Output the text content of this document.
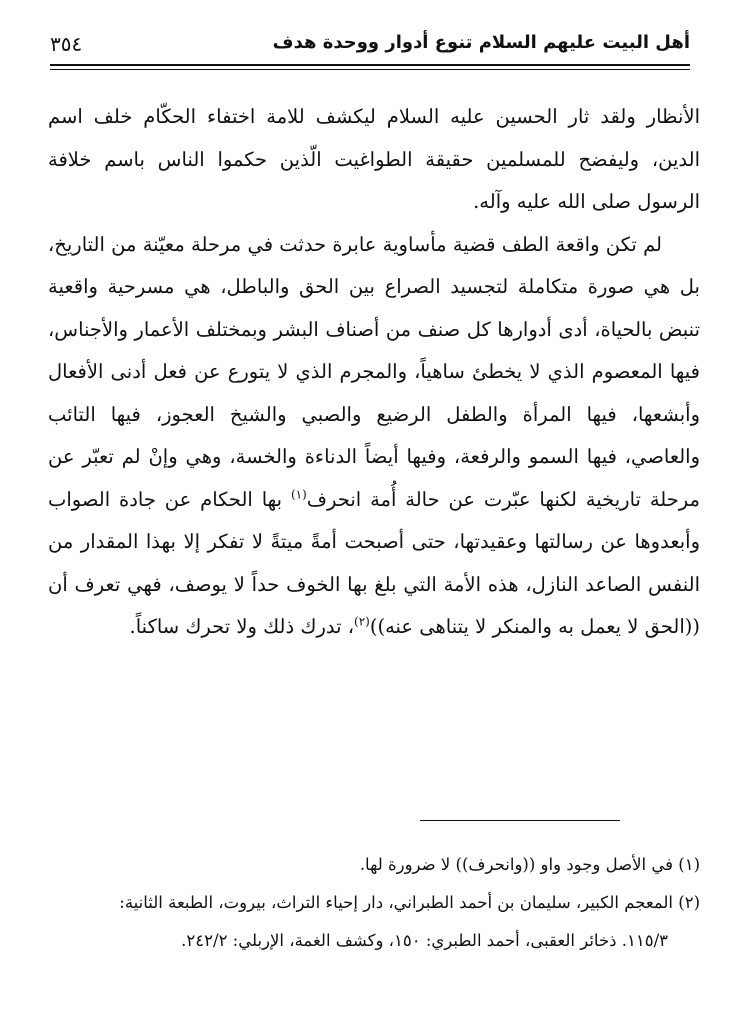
أهل البيت عليهم السلام تنوع أدوار ووحدة هدف
٣٥٤

الأنظار ولقد ثار الحسين عليه السلام ليكشف للامة اختفاء الحكّام خلف اسم الدين، وليفضح للمسلمين حقيقة الطواغيت الّذين حكموا الناس باسم خلافة الرسول صلى الله عليه وآله.

لم تكن واقعة الطف قضية مأساوية عابرة حدثت في مرحلة معيّنة من التاريخ، بل هي صورة متكاملة لتجسيد الصراع بين الحق والباطل، هي مسرحية واقعية تنبض بالحياة، أدى أدوارها كل صنف من أصناف البشر وبمختلف الأعمار والأجناس، فيها المعصوم الذي لا يخطئ ساهياً، والمجرم الذي لا يتورع عن فعل أدنى الأفعال وأبشعها، فيها المرأة والطفل الرضيع والصبي والشيخ العجوز، فيها التائب والعاصي، فيها السمو والرفعة، وفيها أيضاً الدناءة والخسة، وهي وإنْ لم تعبّر عن مرحلة تاريخية لكنها عبّرت عن حالة أُمة انحرف$^{(١)}$ بها الحكام عن جادة الصواب وأبعدوها عن رسالتها وعقيدتها، حتى أصبحت أمةً ميتةً لا تفكر إلا بهذا المقدار من النفس الصاعد النازل، هذه الأمة التي بلغ بها الخوف حداً لا يوصف، فهي تعرف أن ((الحق لا يعمل به والمنكر لا يتناهى عنه))$^{(٢)}$، تدرك ذلك ولا تحرك ساكناً.

(١) في الأصل وجود واو ((وانحرف)) لا ضرورة لها.

(٢) المعجم الكبير، سليمان بن أحمد الطبراني، دار إحياء التراث، بيروت، الطبعة الثانية:

١١٥/٣. ذخائر العقبى، أحمد الطبري: ١٥٠، وكشف الغمة، الإربلي: ٢٤٢/٢.
